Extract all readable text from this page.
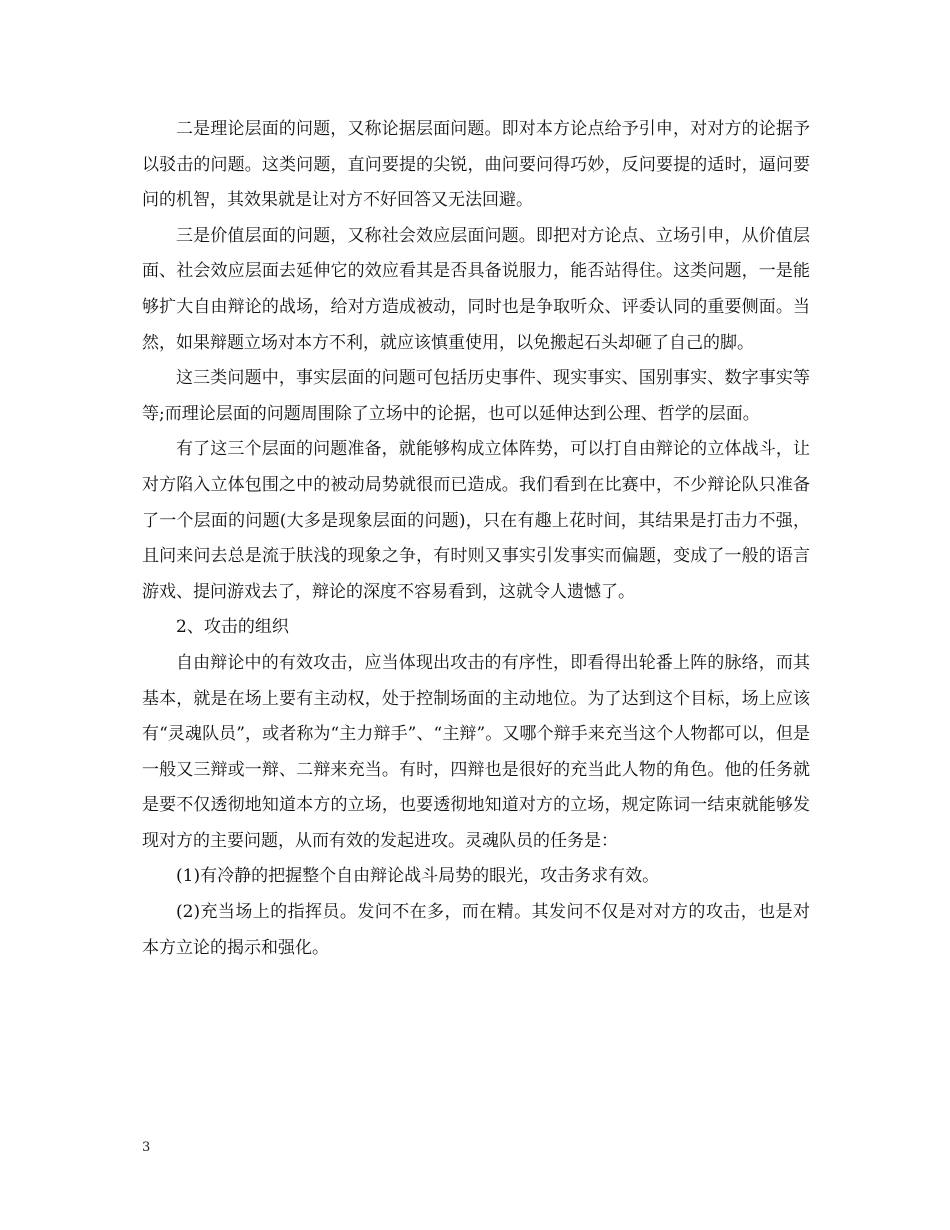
二是理论层面的问题，又称论据层面问题。即对本方论点给予引申，对对方的论据予以驳击的问题。这类问题，直问要提的尖锐，曲问要问得巧妙，反问要提的适时，逼问要问的机智，其效果就是让对方不好回答又无法回避。

三是价值层面的问题，又称社会效应层面问题。即把对方论点、立场引申，从价值层面、社会效应层面去延伸它的效应看其是否具备说服力，能否站得住。这类问题，一是能够扩大自由辩论的战场，给对方造成被动，同时也是争取听众、评委认同的重要侧面。当然，如果辩题立场对本方不利，就应该慎重使用，以免搬起石头却砸了自己的脚。

这三类问题中，事实层面的问题可包括历史事件、现实事实、国别事实、数字事实等等;而理论层面的问题周围除了立场中的论据，也可以延伸达到公理、哲学的层面。

有了这三个层面的问题准备，就能够构成立体阵势，可以打自由辩论的立体战斗，让对方陷入立体包围之中的被动局势就很而已造成。我们看到在比赛中，不少辩论队只准备了一个层面的问题(大多是现象层面的问题)，只在有趣上花时间，其结果是打击力不强，且问来问去总是流于肤浅的现象之争，有时则又事实引发事实而偏题，变成了一般的语言游戏、提问游戏去了，辩论的深度不容易看到，这就令人遗憾了。

2、攻击的组织

自由辩论中的有效攻击，应当体现出攻击的有序性，即看得出轮番上阵的脉络，而其基本，就是在场上要有主动权，处于控制场面的主动地位。为了达到这个目标，场上应该有“灵魂队员”，或者称为“主力辩手”、“主辩”。又哪个辩手来充当这个人物都可以，但是一般又三辩或一辩、二辩来充当。有时，四辩也是很好的充当此人物的角色。他的任务就是要不仅透彻地知道本方的立场，也要透彻地知道对方的立场，规定陈词一结束就能够发现对方的主要问题，从而有效的发起进攻。灵魂队员的任务是：

(1)有冷静的把握整个自由辩论战斗局势的眼光，攻击务求有效。

(2)充当场上的指挥员。发问不在多，而在精。其发问不仅是对对方的攻击，也是对本方立论的揭示和强化。

3
